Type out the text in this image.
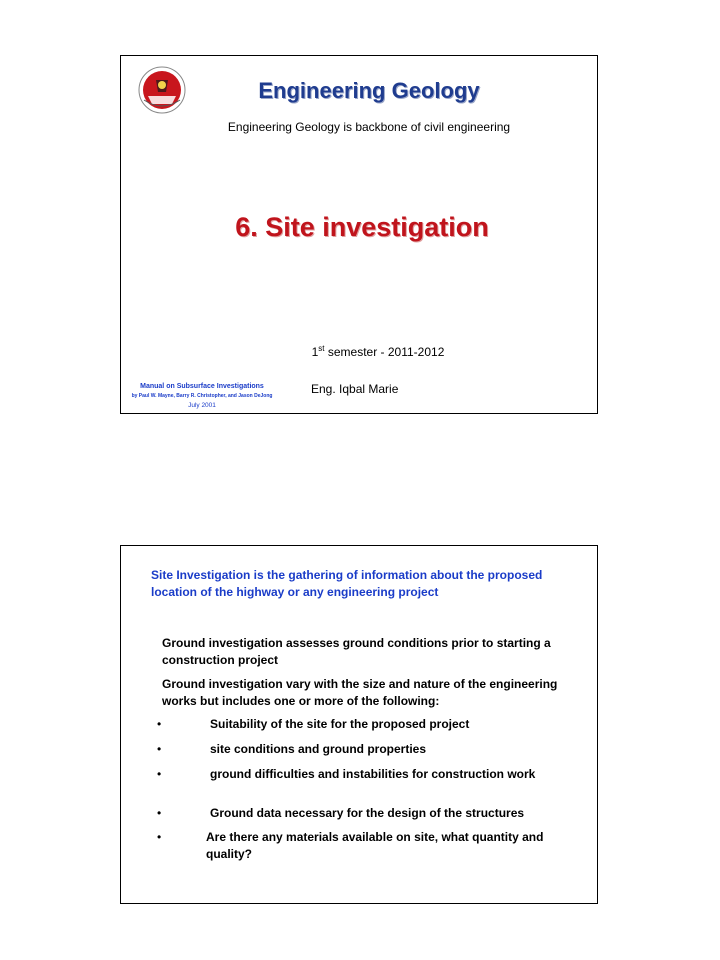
Engineering Geology
Engineering Geology is backbone of civil engineering
6. Site investigation
1st semester - 2011-2012
Eng. Iqbal Marie
Manual on Subsurface Investigations
by Paul W. Mayne, Barry R. Christopher, and Jason DeJong
July 2001
Site Investigation is the gathering of information about the proposed location of the highway or any engineering project
Ground investigation assesses ground conditions prior to starting a construction project
Ground investigation vary with the size and nature of the engineering works but includes one or more of the following:
•	Suitability of the site for the proposed project
•	site conditions and ground properties
•	ground difficulties and instabilities for construction work
•	Ground data necessary for the design of the structures
•	Are there any materials available on site, what quantity and quality?
